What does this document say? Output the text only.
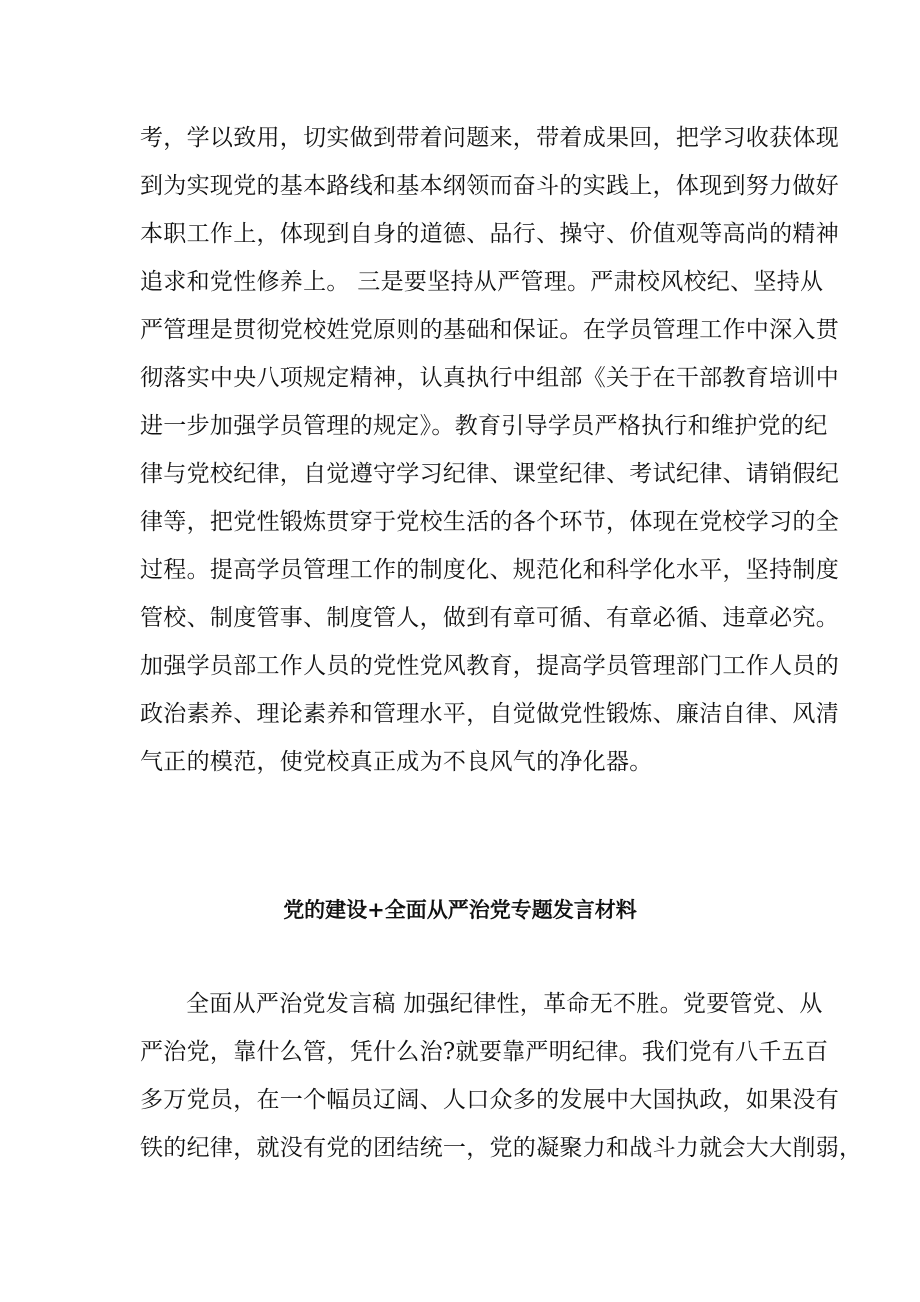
考，学以致用，切实做到带着问题来，带着成果回，把学习收获体现
到为实现党的基本路线和基本纲领而奋斗的实践上，体现到努力做好
本职工作上，体现到自身的道德、品行、操守、价值观等高尚的精神
追求和党性修养上。 三是要坚持从严管理。严肃校风校纪、坚持从
严管理是贯彻党校姓党原则的基础和保证。在学员管理工作中深入贯
彻落实中央八项规定精神，认真执行中组部《关于在干部教育培训中
进一步加强学员管理的规定》。教育引导学员严格执行和维护党的纪
律与党校纪律，自觉遵守学习纪律、课堂纪律、考试纪律、请销假纪
律等，把党性锻炼贯穿于党校生活的各个环节，体现在党校学习的全
过程。提高学员管理工作的制度化、规范化和科学化水平，坚持制度
管校、制度管事、制度管人，做到有章可循、有章必循、违章必究。
加强学员部工作人员的党性党风教育，提高学员管理部门工作人员的
政治素养、理论素养和管理水平，自觉做党性锻炼、廉洁自律、风清
气正的模范，使党校真正成为不良风气的净化器。
党的建设+全面从严治党专题发言材料
全面从严治党发言稿 加强纪律性，革命无不胜。党要管党、从
严治党，靠什么管，凭什么治?就要靠严明纪律。我们党有八千五百
多万党员，在一个幅员辽阔、人口众多的发展中大国执政，如果没有
铁的纪律，就没有党的团结统一，党的凝聚力和战斗力就会大大削弱，
